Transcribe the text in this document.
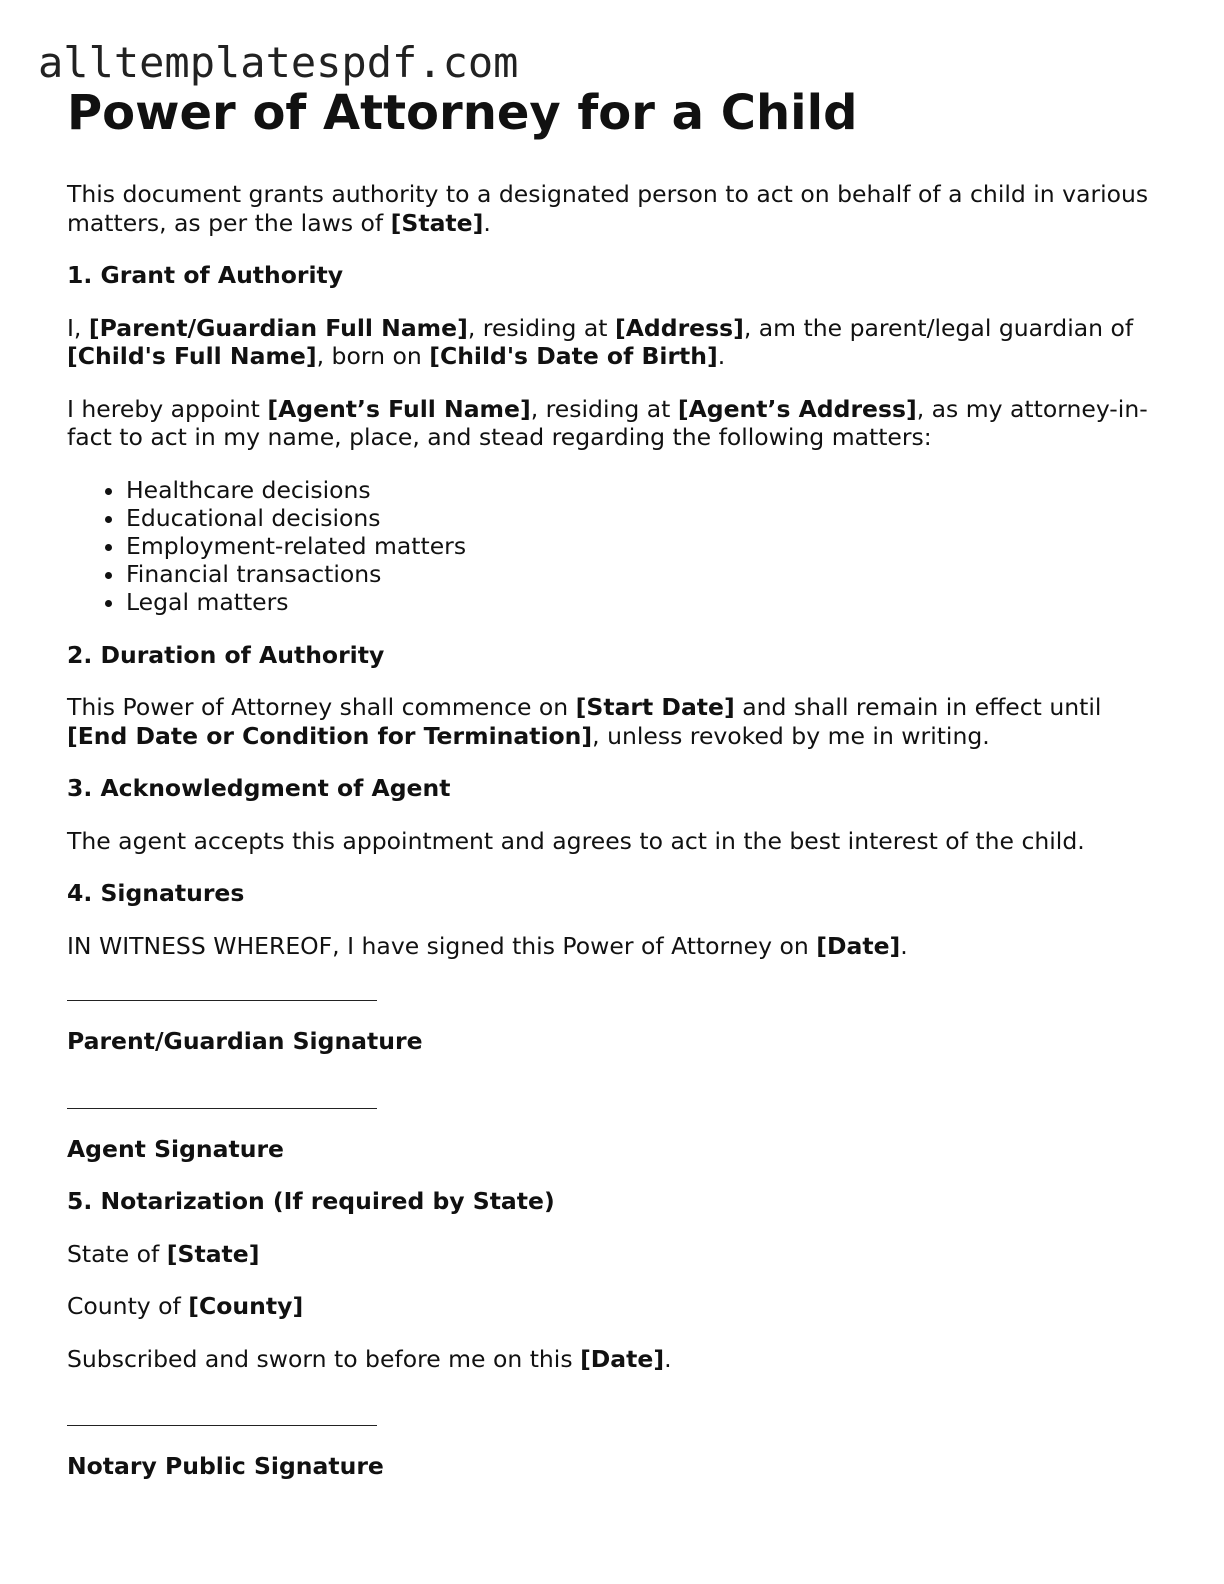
alltemplatespdf.com
Power of Attorney for a Child

This document grants authority to a designated person to act on behalf of a child in various matters, as per the laws of [State].

1. Grant of Authority

I, [Parent/Guardian Full Name], residing at [Address], am the parent/legal guardian of [Child's Full Name], born on [Child's Date of Birth].

I hereby appoint [Agent’s Full Name], residing at [Agent’s Address], as my attorney-in-fact to act in my name, place, and stead regarding the following matters:

• Healthcare decisions
• Educational decisions
• Employment-related matters
• Financial transactions
• Legal matters
2. Duration of Authority

This Power of Attorney shall commence on [Start Date] and shall remain in effect until [End Date or Condition for Termination], unless revoked by me in writing.

3. Acknowledgment of Agent

The agent accepts this appointment and agrees to act in the best interest of the child.

4. Signatures

IN WITNESS WHEREOF, I have signed this Power of Attorney on [Date].

Parent/Guardian Signature
Agent Signature
5. Notarization (If required by State)

State of [State]

County of [County]

Subscribed and sworn to before me on this [Date].

Notary Public Signature
